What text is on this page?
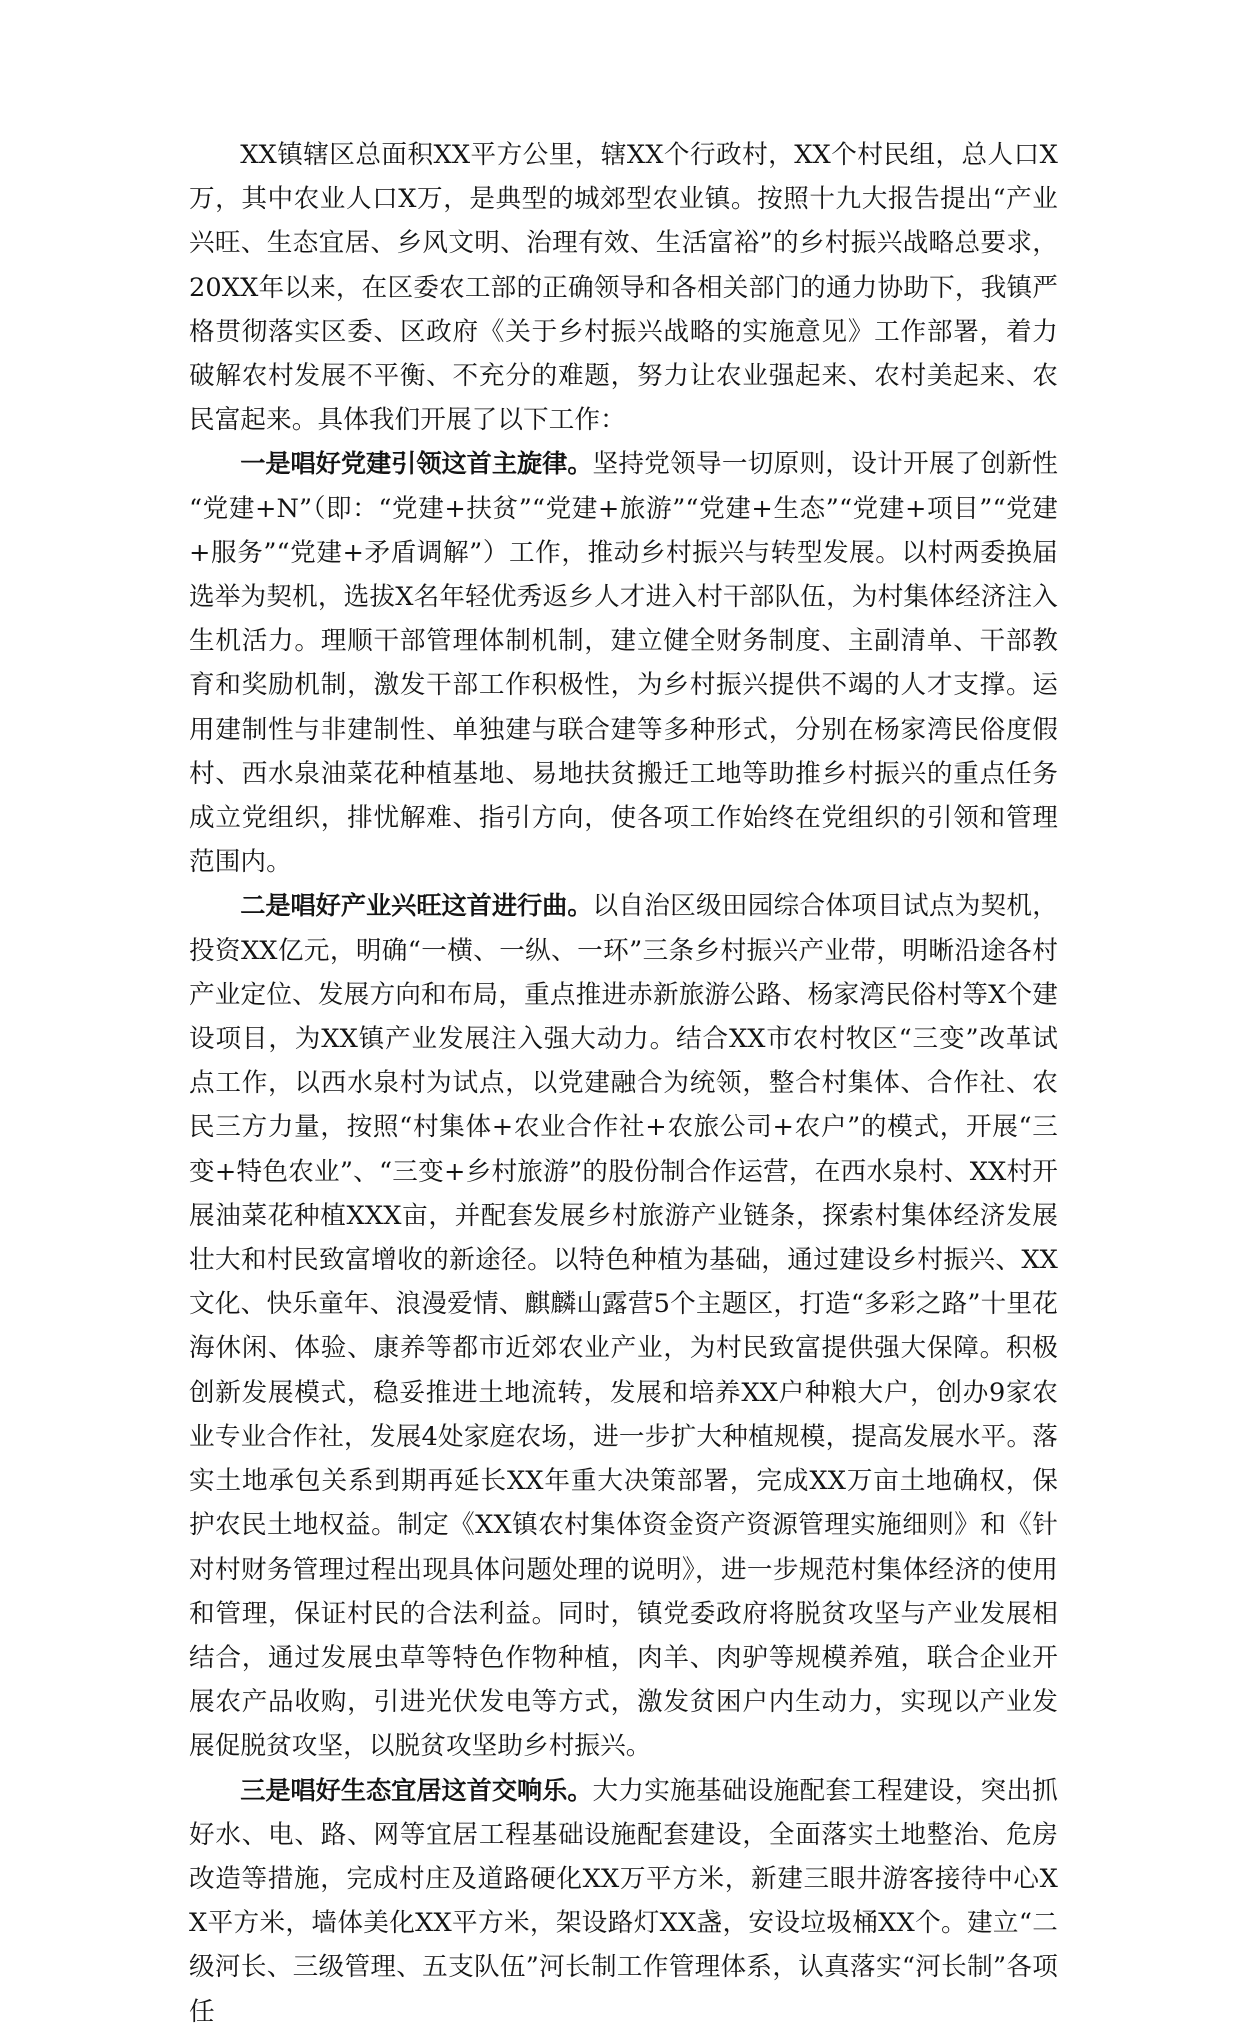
XX镇辖区总面积XX平方公里，辖XX个行政村，XX个村民组，总人口X万，其中农业人口X万，是典型的城郊型农业镇。按照十九大报告提出“产业兴旺、生态宜居、乡风文明、治理有效、生活富裕”的乡村振兴战略总要求，20XX年以来，在区委农工部的正确领导和各相关部门的通力协助下，我镇严格贯彻落实区委、区政府《关于乡村振兴战略的实施意见》工作部署，着力破解农村发展不平衡、不充分的难题，努力让农业强起来、农村美起来、农民富起来。具体我们开展了以下工作：

一是唱好党建引领这首主旋律。坚持党领导一切原则，设计开展了创新性“党建+N”（即：“党建+扶贫”“党建+旅游”“党建+生态”“党建+项目”“党建+服务”“党建+矛盾调解”）工作，推动乡村振兴与转型发展。以村两委换届选举为契机，选拔X名年轻优秀返乡人才进入村干部队伍，为村集体经济注入生机活力。理顺干部管理体制机制，建立健全财务制度、主副清单、干部教育和奖励机制，激发干部工作积极性，为乡村振兴提供不竭的人才支撑。运用建制性与非建制性、单独建与联合建等多种形式，分别在杨家湾民俗度假村、西水泉油菜花种植基地、易地扶贫搬迁工地等助推乡村振兴的重点任务成立党组织，排忧解难、指引方向，使各项工作始终在党组织的引领和管理范围内。

二是唱好产业兴旺这首进行曲。以自治区级田园综合体项目试点为契机，投资XX亿元，明确“一横、一纵、一环”三条乡村振兴产业带，明晰沿途各村产业定位、发展方向和布局，重点推进赤新旅游公路、杨家湾民俗村等X个建设项目，为XX镇产业发展注入强大动力。结合XX市农村牧区“三变”改革试点工作，以西水泉村为试点，以党建融合为统领，整合村集体、合作社、农民三方力量，按照“村集体+农业合作社+农旅公司+农户”的模式，开展“三变+特色农业”、“三变+乡村旅游”的股份制合作运营，在西水泉村、XX村开展油菜花种植XXX亩，并配套发展乡村旅游产业链条，探索村集体经济发展壮大和村民致富增收的新途径。以特色种植为基础，通过建设乡村振兴、XX文化、快乐童年、浪漫爱情、麒麟山露营5个主题区，打造“多彩之路”十里花海休闲、体验、康养等都市近郊农业产业，为村民致富提供强大保障。积极创新发展模式，稳妥推进土地流转，发展和培养XX户种粮大户，创办9家农业专业合作社，发展4处家庭农场，进一步扩大种植规模，提高发展水平。落实土地承包关系到期再延长XX年重大决策部署，完成XX万亩土地确权，保护农民土地权益。制定《XX镇农村集体资金资产资源管理实施细则》和《针对村财务管理过程出现具体问题处理的说明》，进一步规范村集体经济的使用和管理，保证村民的合法利益。同时，镇党委政府将脱贫攻坚与产业发展相结合，通过发展虫草等特色作物种植，肉羊、肉驴等规模养殖，联合企业开展农产品收购，引进光伏发电等方式，激发贫困户内生动力，实现以产业发展促脱贫攻坚，以脱贫攻坚助乡村振兴。

三是唱好生态宜居这首交响乐。大力实施基础设施配套工程建设，突出抓好水、电、路、网等宜居工程基础设施配套建设，全面落实土地整治、危房改造等措施，完成村庄及道路硬化XX万平方米，新建三眼井游客接待中心XX平方米，墙体美化XX平方米，架设路灯XX盏，安设垃圾桶XX个。建立“二级河长、三级管理、五支队伍”河长制工作管理体系，认真落实“河长制”各项任
